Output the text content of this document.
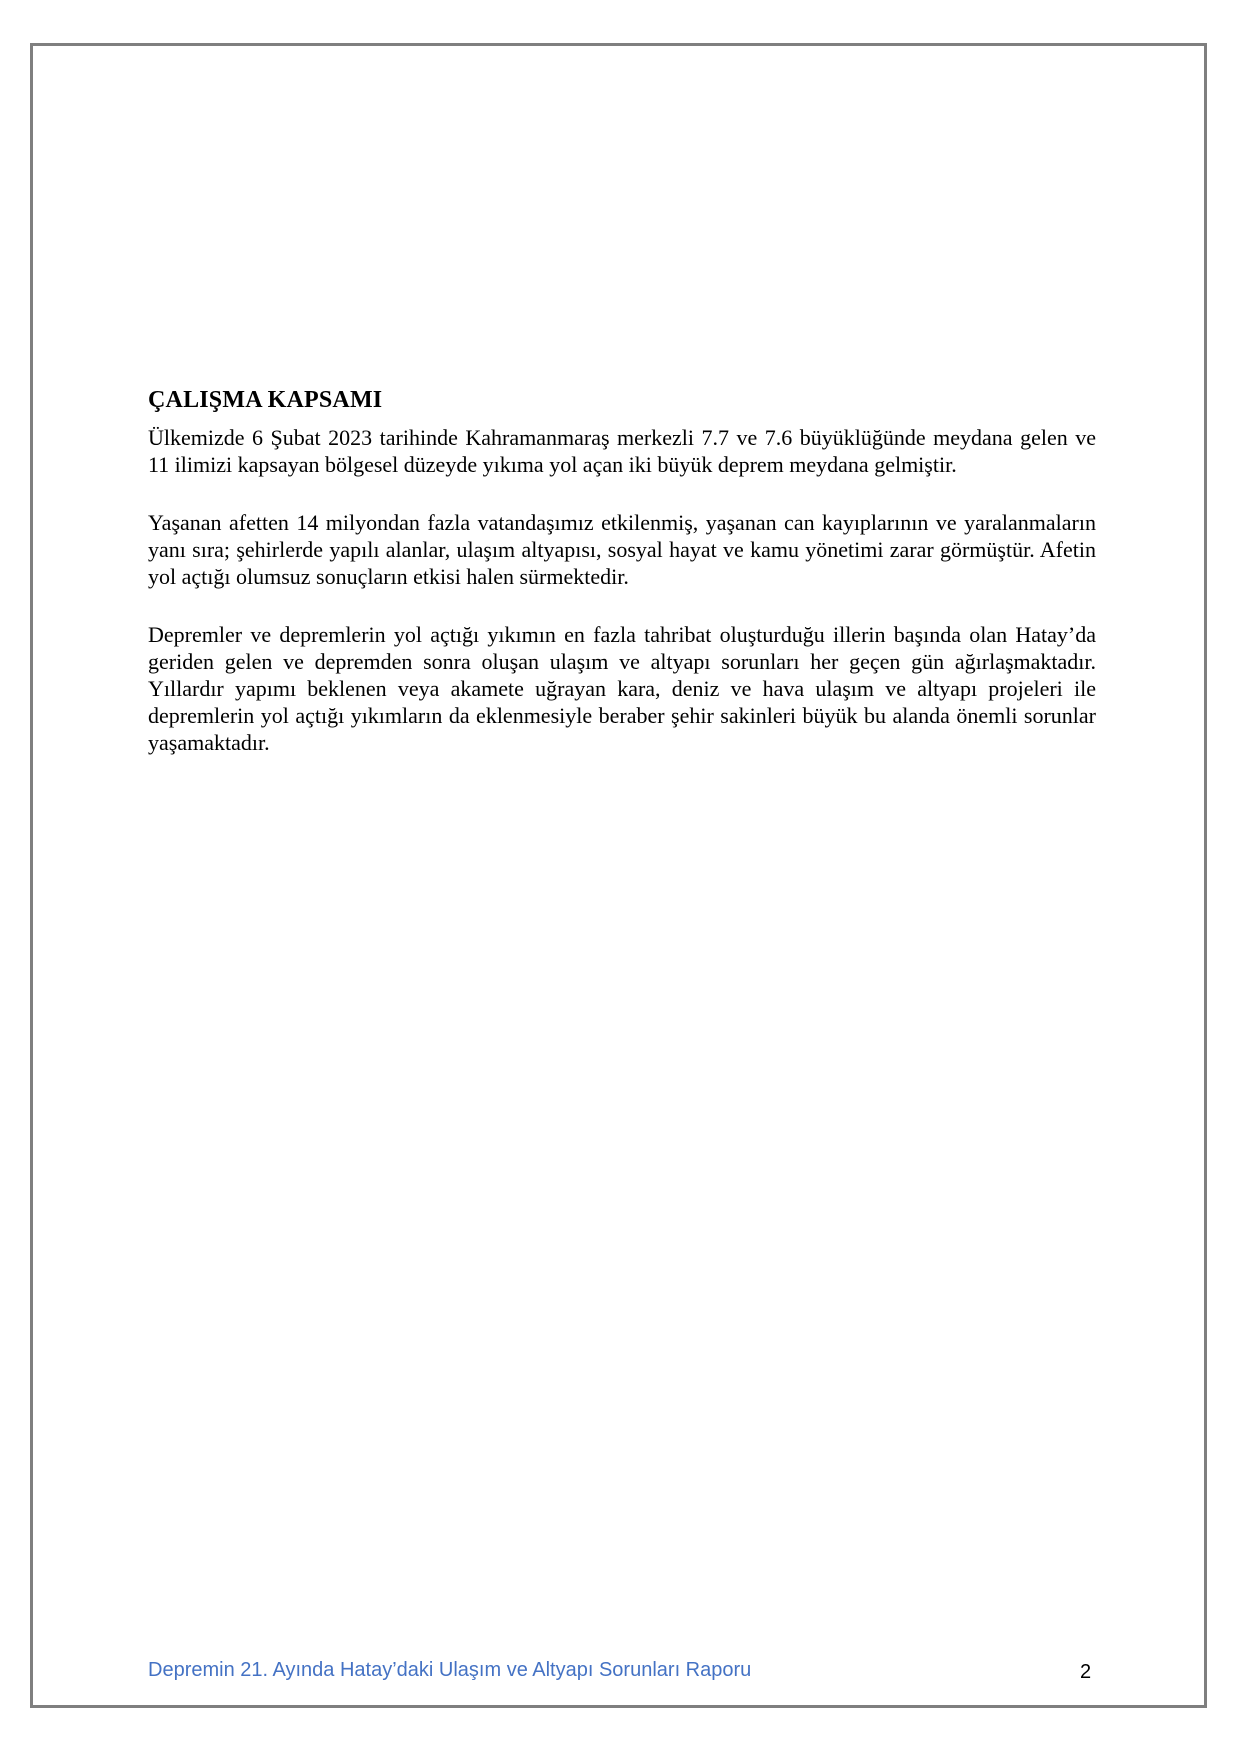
ÇALIŞMA KAPSAMI

Ülkemizde 6 Şubat 2023 tarihinde Kahramanmaraş merkezli 7.7 ve 7.6 büyüklüğünde meydana gelen ve 11 ilimizi kapsayan bölgesel düzeyde yıkıma yol açan iki büyük deprem meydana gelmiştir.

Yaşanan afetten 14 milyondan fazla vatandaşımız etkilenmiş, yaşanan can kayıplarının ve yaralanmaların yanı sıra; şehirlerde yapılı alanlar, ulaşım altyapısı, sosyal hayat ve kamu yönetimi zarar görmüştür. Afetin yol açtığı olumsuz sonuçların etkisi halen sürmektedir.

Depremler ve depremlerin yol açtığı yıkımın en fazla tahribat oluşturduğu illerin başında olan Hatay’da geriden gelen ve depremden sonra oluşan ulaşım ve altyapı sorunları her geçen gün ağırlaşmaktadır. Yıllardır yapımı beklenen veya akamete uğrayan kara, deniz ve hava ulaşım ve altyapı projeleri ile depremlerin yol açtığı yıkımların da eklenmesiyle beraber şehir sakinleri büyük bu alanda önemli sorunlar yaşamaktadır.

Depremin 21. Ayında Hatay’daki Ulaşım ve Altyapı Sorunları Raporu	2
